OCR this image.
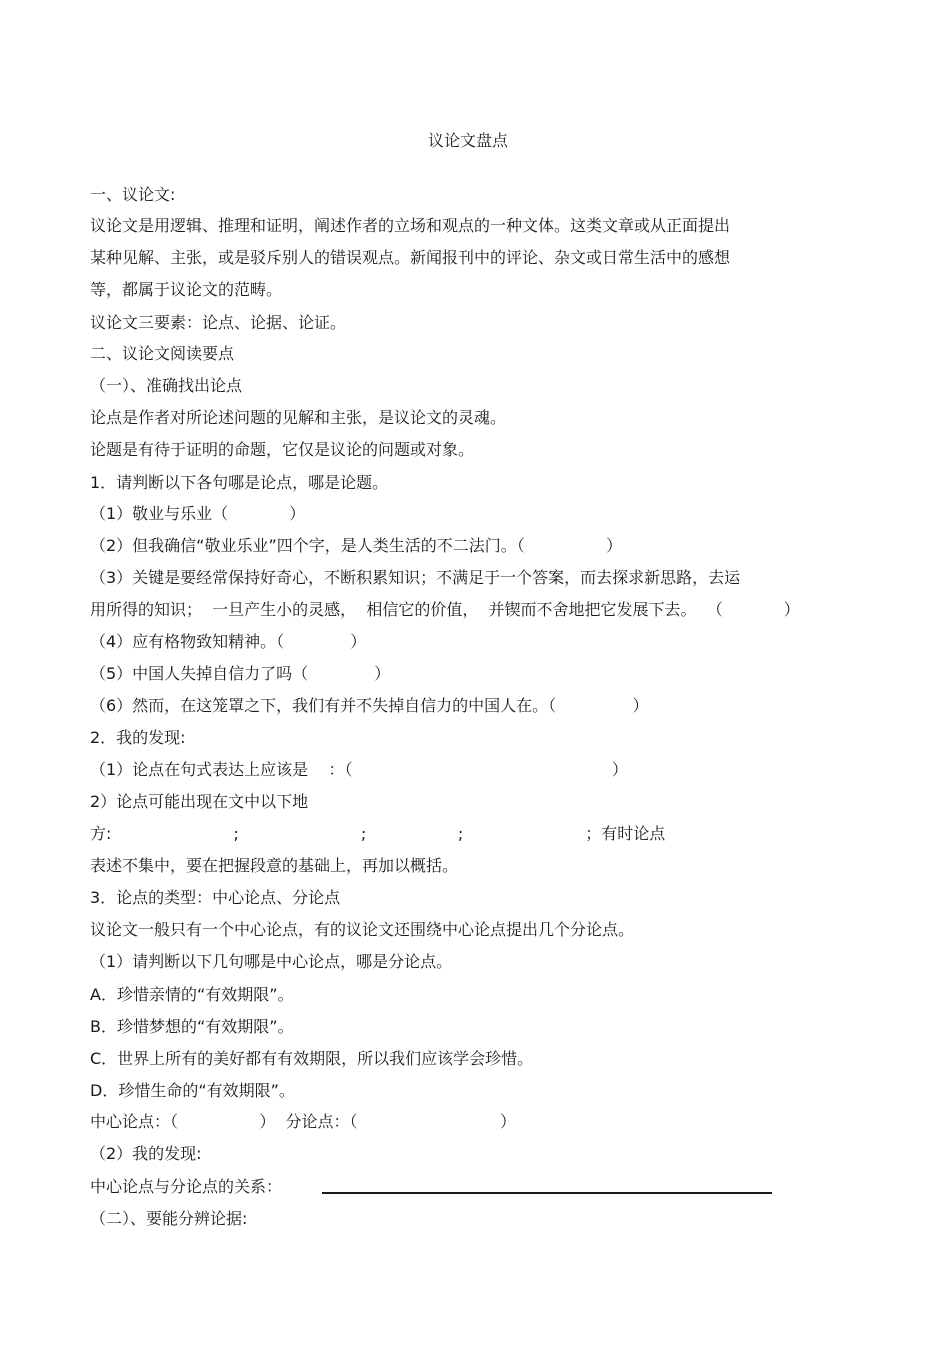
议论文盘点
一、议论文:
议论文是用逻辑、推理和证明，阐述作者的立场和观点的一种文体。这类文章或从正面提出
某种见解、主张，或是驳斥别人的错误观点。新闻报刊中的评论、杂文或日常生活中的感想
等，都属于议论文的范畴。
议论文三要素：论点、论据、论证。
二、议论文阅读要点
（一）、准确找出论点
论点是作者对所论述问题的见解和主张，是议论文的灵魂。
论题是有待于证明的命题，它仅是议论的问题或对象。
1．请判断以下各句哪是论点，哪是论题。
（1）敬业与乐业（            ）
（2）但我确信“敬业乐业”四个字，是人类生活的不二法门。（                ）
（3）关键是要经常保持好奇心，不断积累知识；不满足于一个答案，而去探求新思路，去运
用所得的知识；  一旦产生小的灵感，  相信它的价值，  并锲而不舍地把它发展下去。  （            ）
（4）应有格物致知精神。（             ）
（5）中国人失掉自信力了吗（             ）
（6）然而，在这笼罩之下，我们有并不失掉自信力的中国人在。（               ）
2．我的发现:
（1）论点在句式表达上应该是    ：（                                                   ）
2）论点可能出现在文中以下地
方:                        ;                        ;                  ;                        ；有时论点
表述不集中，要在把握段意的基础上，再加以概括。
3．论点的类型：中心论点、分论点
议论文一般只有一个中心论点，有的议论文还围绕中心论点提出几个分论点。
（1）请判断以下几句哪是中心论点，哪是分论点。
A．珍惜亲情的“有效期限”。
B．珍惜梦想的“有效期限”。
C．世界上所有的美好都有有效期限，所以我们应该学会珍惜。
D．珍惜生命的“有效期限”。
中心论点：（                ）  分论点：（                            ）
（2）我的发现:
中心论点与分论点的关系：
（二）、要能分辨论据:
